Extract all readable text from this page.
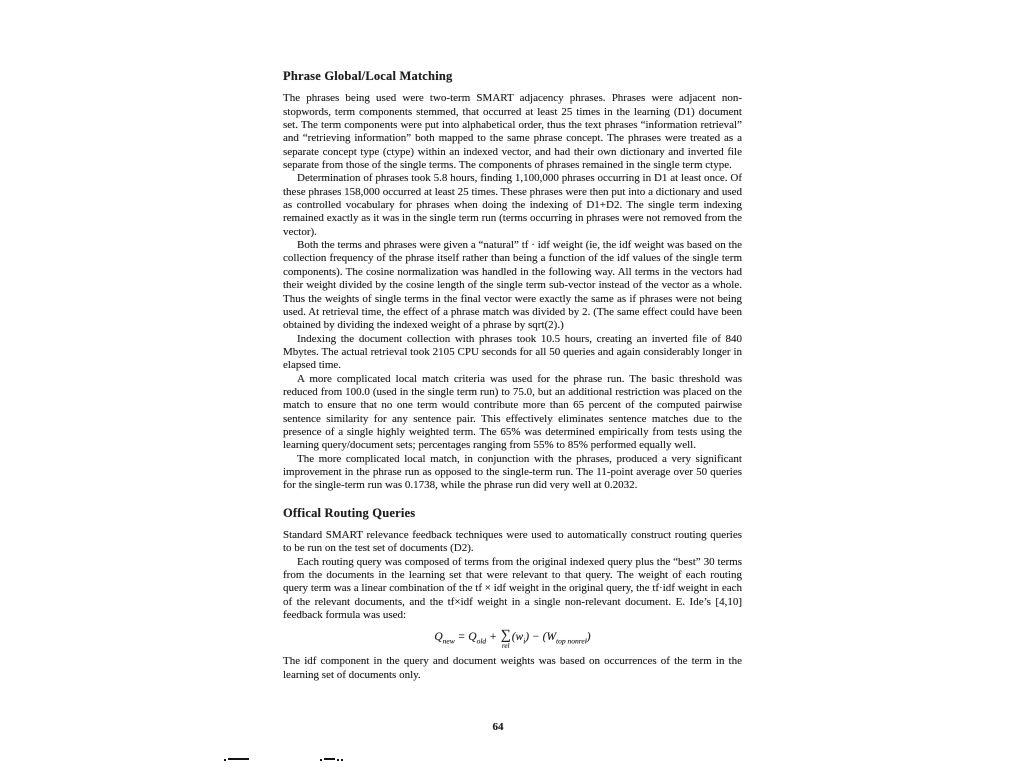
Phrase Global/Local Matching

The phrases being used were two-term SMART adjacency phrases. Phrases were adjacent non-stopwords, term components stemmed, that occurred at least 25 times in the learning (D1) document set. The term components were put into alphabetical order, thus the text phrases “information retrieval” and “retrieving information” both mapped to the same phrase concept. The phrases were treated as a separate concept type (ctype) within an indexed vector, and had their own dictionary and inverted file separate from those of the single terms. The components of phrases remained in the single term ctype.

Determination of phrases took 5.8 hours, finding 1,100,000 phrases occurring in D1 at least once. Of these phrases 158,000 occurred at least 25 times. These phrases were then put into a dictionary and used as controlled vocabulary for phrases when doing the indexing of D1+D2. The single term indexing remained exactly as it was in the single term run (terms occurring in phrases were not removed from the vector).

Both the terms and phrases were given a “natural” tf · idf weight (ie, the idf weight was based on the collection frequency of the phrase itself rather than being a function of the idf values of the single term components). The cosine normalization was handled in the following way. All terms in the vectors had their weight divided by the cosine length of the single term sub-vector instead of the vector as a whole. Thus the weights of single terms in the final vector were exactly the same as if phrases were not being used. At retrieval time, the effect of a phrase match was divided by 2. (The same effect could have been obtained by dividing the indexed weight of a phrase by sqrt(2).)

Indexing the document collection with phrases took 10.5 hours, creating an inverted file of 840 Mbytes. The actual retrieval took 2105 CPU seconds for all 50 queries and again considerably longer in elapsed time.

A more complicated local match criteria was used for the phrase run. The basic threshold was reduced from 100.0 (used in the single term run) to 75.0, but an additional restriction was placed on the match to ensure that no one term would contribute more than 65 percent of the computed pairwise sentence similarity for any sentence pair. This effectively eliminates sentence matches due to the presence of a single highly weighted term. The 65% was determined empirically from tests using the learning query/document sets; percentages ranging from 55% to 85% performed equally well.

The more complicated local match, in conjunction with the phrases, produced a very significant improvement in the phrase run as opposed to the single-term run. The 11-point average over 50 queries for the single-term run was 0.1738, while the phrase run did very well at 0.2032.

Offical Routing Queries

Standard SMART relevance feedback techniques were used to automatically construct routing queries to be run on the test set of documents (D2).

Each routing query was composed of terms from the original indexed query plus the “best” 30 terms from the documents in the learning set that were relevant to that query. The weight of each routing query term was a linear combination of the tf × idf weight in the original query, the tf·idf weight in each of the relevant documents, and the tf×idf weight in a single non-relevant document. E. Ide’s [4,10] feedback formula was used:

$Q_{new} = Q_{old}$ + ∑
rel
$(w_i) - (W_{top nonrel})$

The idf component in the query and document weights was based on occurrences of the term in the learning set of documents only.

64
